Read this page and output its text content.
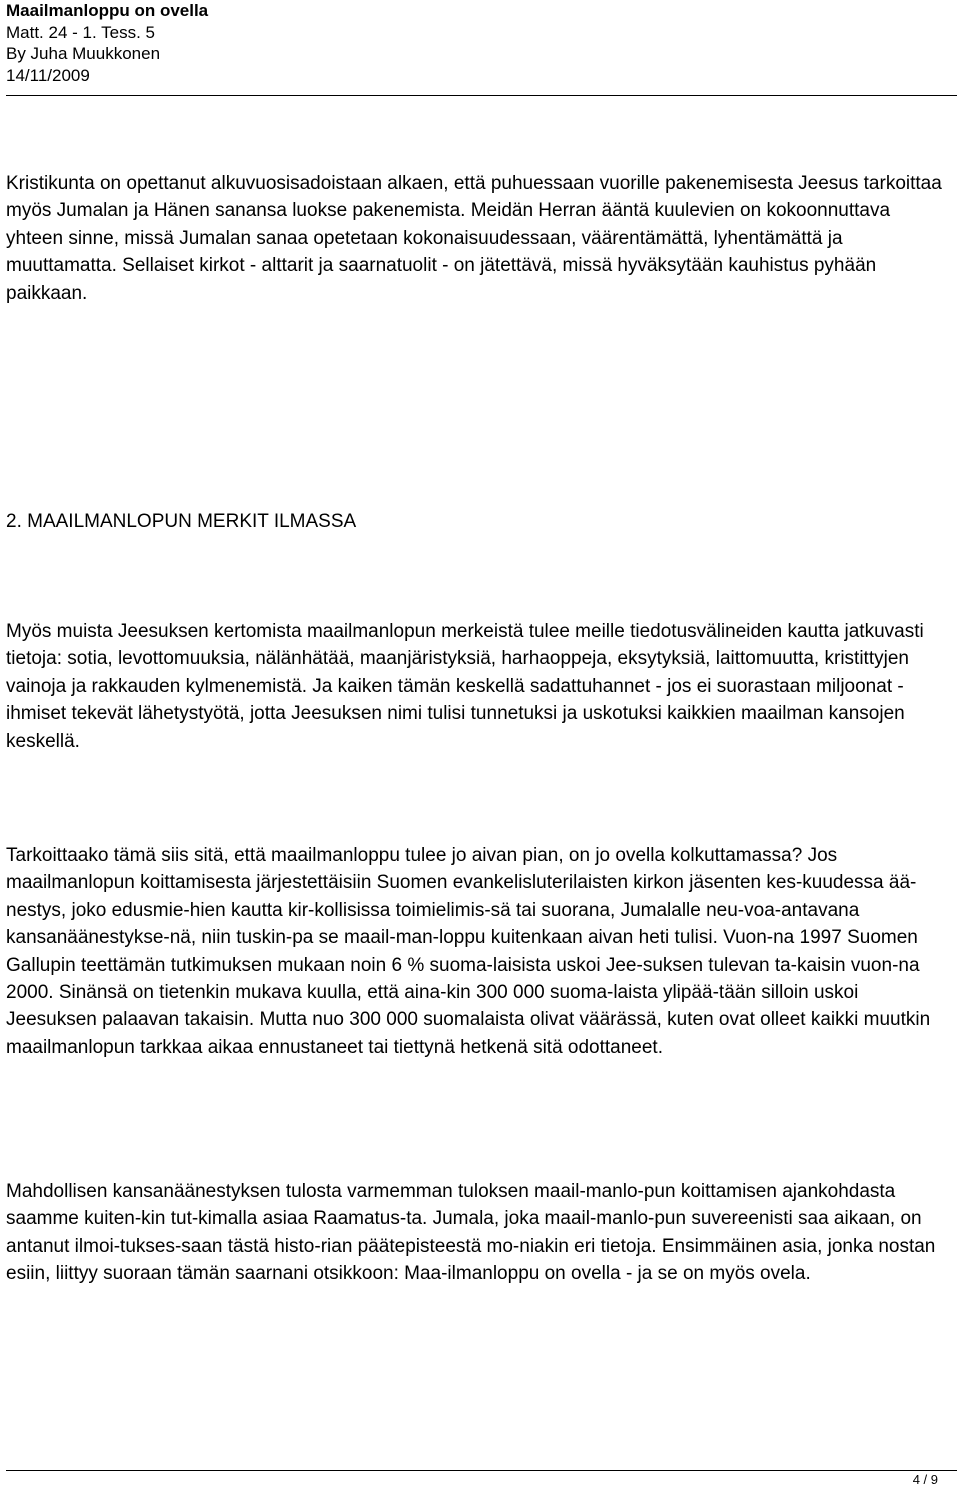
Maailmanloppu on ovella
Matt. 24 - 1. Tess. 5
By Juha Muukkonen
14/11/2009

Kristikunta on opettanut alkuvuosisadoistaan alkaen, että puhuessaan vuorille pakenemisesta Jeesus tarkoittaa myös Jumalan ja Hänen sanansa luokse pakenemista. Meidän Herran ääntä kuulevien on kokoonnuttava yhteen sinne, missä Jumalan sanaa opetetaan kokonaisuudessaan, väärentämättä, lyhentämättä ja muuttamatta. Sellaiset kirkot - alttarit ja saarnatuolit - on jätettävä, missä hyväksytään kauhistus pyhään paikkaan.

2. MAAILMANLOPUN MERKIT ILMASSA

Myös muista Jeesuksen kertomista maailmanlopun merkeistä tulee meille tiedotusvälineiden kautta jatkuvasti tietoja: sotia, levottomuuksia, nälänhätää, maanjäristyksiä, harhaoppeja, eksytyksiä, laittomuutta, kristittyjen vainoja ja rakkauden kylmenemistä. Ja kaiken tämän keskellä sadattuhannet - jos ei suorastaan miljoonat - ihmiset tekevät lähetystyötä, jotta Jeesuksen nimi tulisi tunnetuksi ja uskotuksi kaikkien maailman kansojen keskellä.

Tarkoittaako tämä siis sitä, että maailmanloppu tulee jo aivan pian, on jo ovella kolkuttamassa? Jos maailmanlopun koittamisesta järjestettäisiin Suomen evankelisluterilaisten kirkon jäsenten kes-kuudessa ää-nestys, joko edusmie-hien kautta kir-kollisissa toimielimis-sä tai suorana, Jumalalle neu-voa-antavana kansanäänestykse-nä, niin tuskin-pa se maail-man-loppu kuitenkaan aivan heti tulisi. Vuon-na 1997 Suomen Gallupin teettämän tutkimuksen mukaan noin 6 % suoma-laisista uskoi Jee-suksen tulevan ta-kaisin vuon-na 2000. Sinänsä on tietenkin mukava kuulla, että aina-kin 300 000 suoma-laista ylipää-tään silloin uskoi Jeesuksen palaavan takaisin. Mutta nuo 300 000 suomalaista olivat väärässä, kuten ovat olleet kaikki muutkin maailmanlopun tarkkaa aikaa ennustaneet tai tiettynä hetkenä sitä odottaneet.

Mahdollisen kansanäänestyksen tulosta varmemman tuloksen maail-manlo-pun koittamisen ajankohdasta saamme kuiten-kin tut-kimalla asiaa Raamatus-ta. Jumala, joka maail-manlo-pun suvereenisti saa aikaan, on antanut ilmoi-tukses-saan tästä histo-rian päätepisteestä mo-niakin eri tietoja. Ensimmäinen asia, jonka nostan esiin, liittyy suoraan tämän saarnani otsikkoon: Maa-ilmanloppu on ovella - ja se on myös ovela.

4 / 9
